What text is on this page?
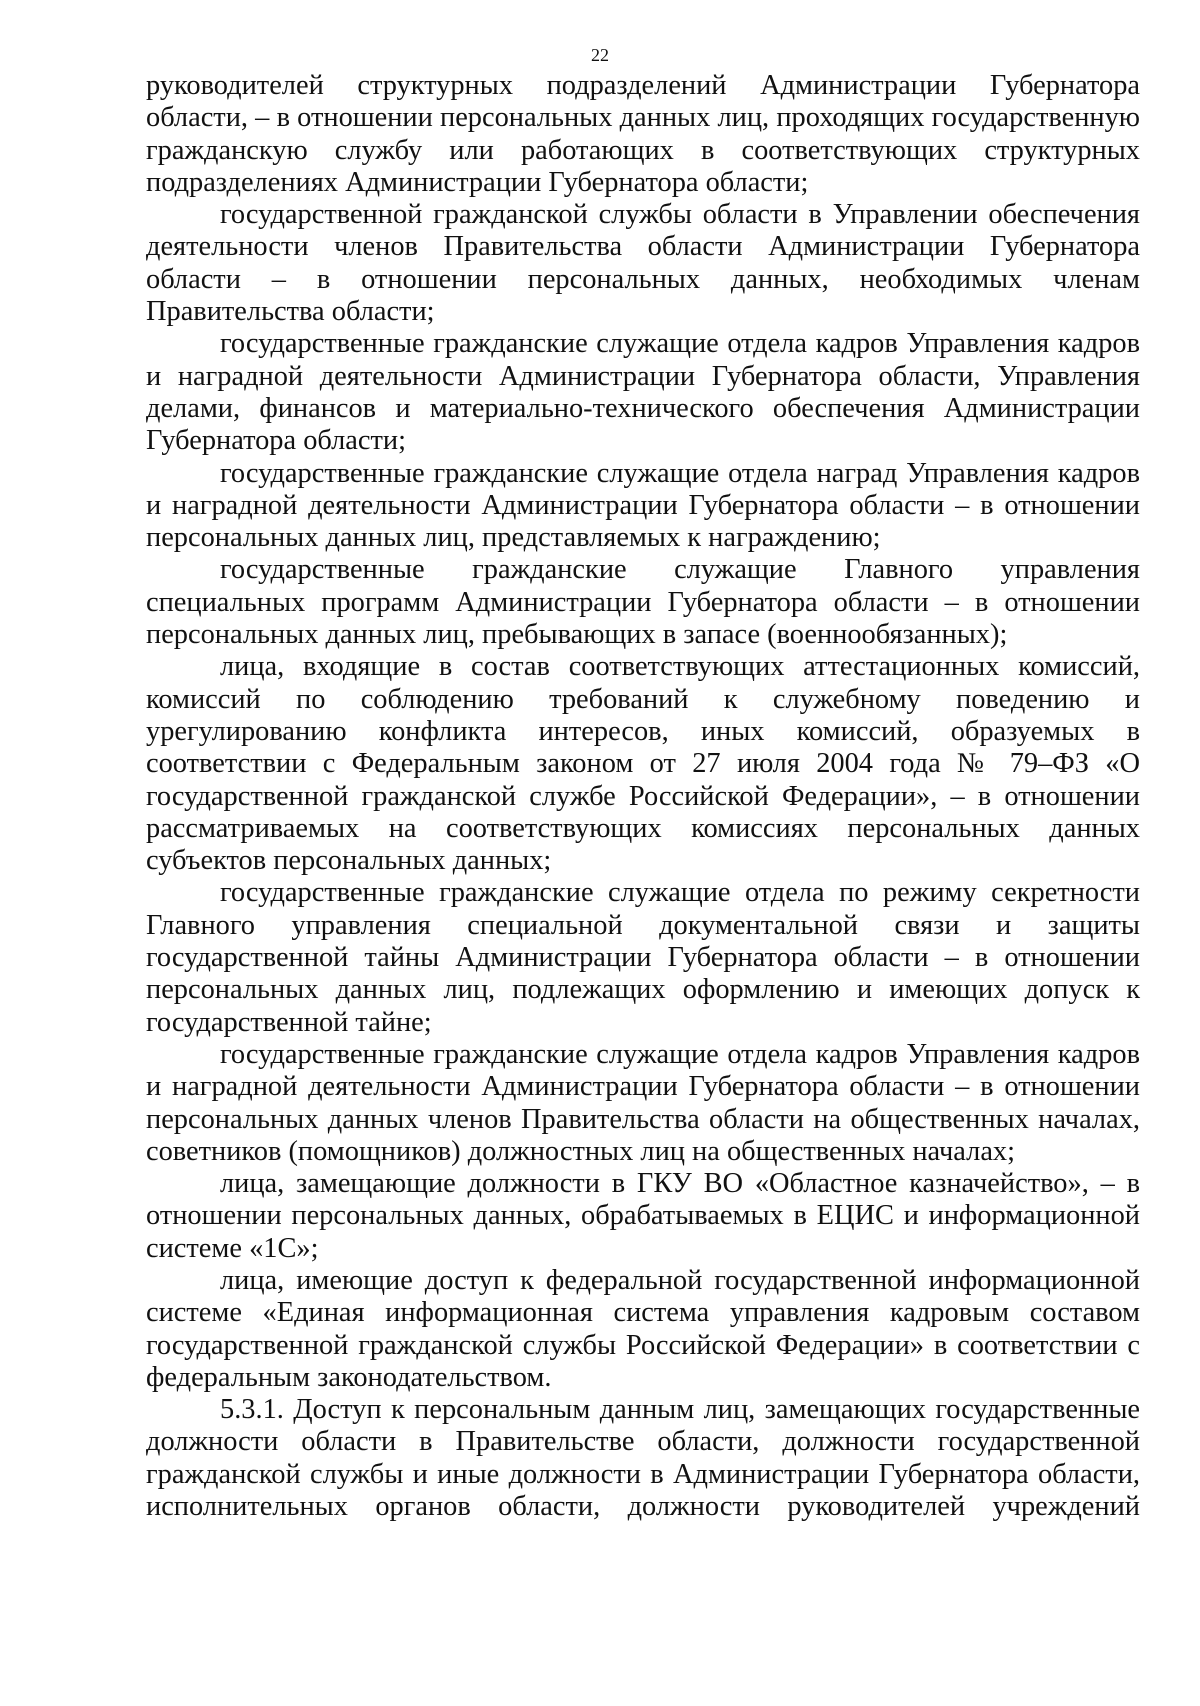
22

руководителей структурных подразделений Администрации Губернатора области, – в отношении персональных данных лиц, проходящих государственную гражданскую службу или работающих в соответствующих структурных подразделениях Администрации Губернатора области;

государственной гражданской службы области в Управлении обеспечения деятельности членов Правительства области Администрации Губернатора области – в отношении персональных данных, необходимых членам Правительства области;

государственные гражданские служащие отдела кадров Управления кадров и наградной деятельности Администрации Губернатора области, Управления делами, финансов и материально-технического обеспечения Администрации Губернатора области;

государственные гражданские служащие отдела наград Управления кадров и наградной деятельности Администрации Губернатора области – в отношении персональных данных лиц, представляемых к награждению;

государственные гражданские служащие Главного управления специальных программ Администрации Губернатора области – в отношении персональных данных лиц, пребывающих в запасе (военнообязанных);

лица, входящие в состав соответствующих аттестационных комиссий, комиссий по соблюдению требований к служебному поведению и урегулированию конфликта интересов, иных комиссий, образуемых в соответствии с Федеральным законом от 27 июля 2004 года № 79–ФЗ «О государственной гражданской службе Российской Федерации», – в отношении рассматриваемых на соответствующих комиссиях персональных данных субъектов персональных данных;

государственные гражданские служащие отдела по режиму секретности Главного управления специальной документальной связи и защиты государственной тайны Администрации Губернатора области – в отношении персональных данных лиц, подлежащих оформлению и имеющих допуск к государственной тайне;

государственные гражданские служащие отдела кадров Управления кадров и наградной деятельности Администрации Губернатора области – в отношении персональных данных членов Правительства области на общественных началах, советников (помощников) должностных лиц на общественных началах;

лица, замещающие должности в ГКУ ВО «Областное казначейство», – в отношении персональных данных, обрабатываемых в ЕЦИС и информационной системе «1С»;

лица, имеющие доступ к федеральной государственной информационной системе «Единая информационная система управления кадровым составом государственной гражданской службы Российской Федерации» в соответствии с федеральным законодательством.

5.3.1. Доступ к персональным данным лиц, замещающих государственные должности области в Правительстве области, должности государственной гражданской службы и иные должности в Администрации Губернатора области, исполнительных органов области, должности руководителей учреждений
